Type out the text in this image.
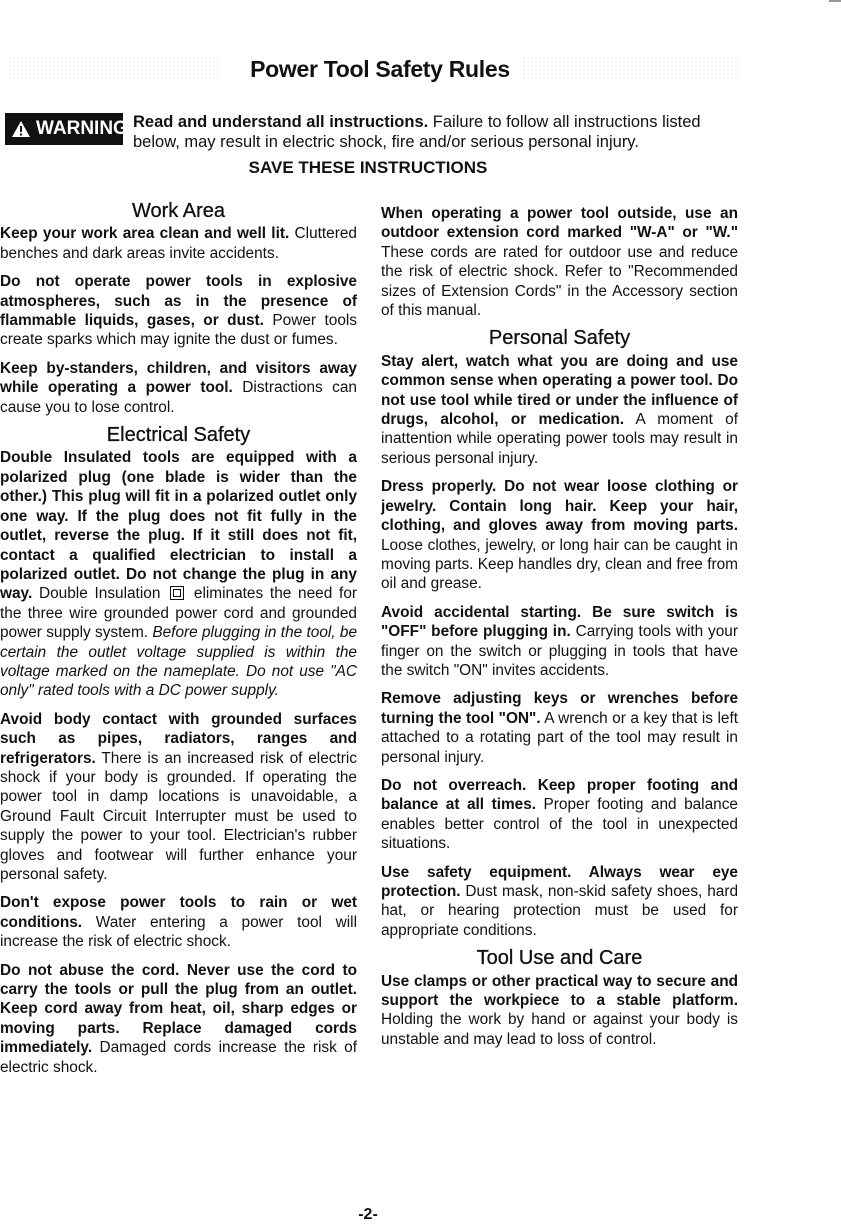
Power Tool Safety Rules
WARNING Read and understand all instructions. Failure to follow all instructions listed below, may result in electric shock, fire and/or serious personal injury.
SAVE THESE INSTRUCTIONS
Work Area

Keep your work area clean and well lit. Cluttered benches and dark areas invite accidents.

Do not operate power tools in explosive atmospheres, such as in the presence of flammable liquids, gases, or dust. Power tools create sparks which may ignite the dust or fumes.

Keep by-standers, children, and visitors away while operating a power tool. Distractions can cause you to lose control.

Electrical Safety

Double Insulated tools are equipped with a polarized plug (one blade is wider than the other.) This plug will fit in a polarized outlet only one way. If the plug does not fit fully in the outlet, reverse the plug. If it still does not fit, contact a qualified electrician to install a polarized outlet. Do not change the plug in any way. Double Insulation eliminates the need for the three wire grounded power cord and grounded power supply system. Before plugging in the tool, be certain the outlet voltage supplied is within the voltage marked on the nameplate. Do not use "AC only" rated tools with a DC power supply.

Avoid body contact with grounded surfaces such as pipes, radiators, ranges and refrigerators. There is an increased risk of electric shock if your body is grounded. If operating the power tool in damp locations is unavoidable, a Ground Fault Circuit Interrupter must be used to supply the power to your tool. Electrician's rubber gloves and footwear will further enhance your personal safety.

Don't expose power tools to rain or wet conditions. Water entering a power tool will increase the risk of electric shock.

Do not abuse the cord. Never use the cord to carry the tools or pull the plug from an outlet. Keep cord away from heat, oil, sharp edges or moving parts. Replace damaged cords immediately. Damaged cords increase the risk of electric shock.

When operating a power tool outside, use an outdoor extension cord marked "W-A" or "W." These cords are rated for outdoor use and reduce the risk of electric shock. Refer to "Recommended sizes of Extension Cords" in the Accessory section of this manual.

Personal Safety

Stay alert, watch what you are doing and use common sense when operating a power tool. Do not use tool while tired or under the influence of drugs, alcohol, or medication. A moment of inattention while operating power tools may result in serious personal injury.

Dress properly. Do not wear loose clothing or jewelry. Contain long hair. Keep your hair, clothing, and gloves away from moving parts. Loose clothes, jewelry, or long hair can be caught in moving parts. Keep handles dry, clean and free from oil and grease.

Avoid accidental starting. Be sure switch is "OFF" before plugging in. Carrying tools with your finger on the switch or plugging in tools that have the switch "ON" invites accidents.

Remove adjusting keys or wrenches before turning the tool "ON". A wrench or a key that is left attached to a rotating part of the tool may result in personal injury.

Do not overreach. Keep proper footing and balance at all times. Proper footing and balance enables better control of the tool in unexpected situations.

Use safety equipment. Always wear eye protection. Dust mask, non-skid safety shoes, hard hat, or hearing protection must be used for appropriate conditions.

Tool Use and Care

Use clamps or other practical way to secure and support the workpiece to a stable platform. Holding the work by hand or against your body is unstable and may lead to loss of control.

-2-
